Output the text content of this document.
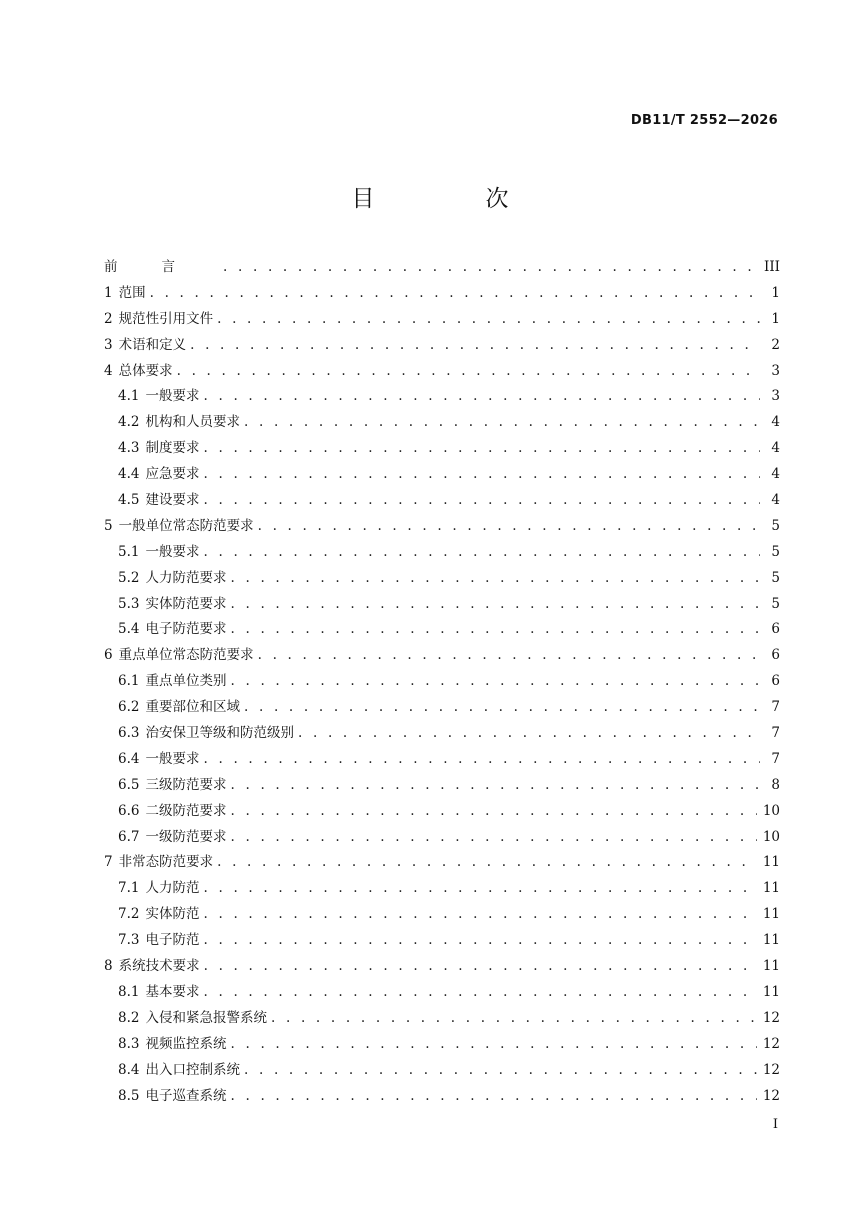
DB11/T 2552—2026
目　次
前言 . . .	III
1 范围 . . .	1
2 规范性引用文件 . . .	1
3 术语和定义 . . .	2
4 总体要求 . . .	3
4.1 一般要求 . . .	3
4.2 机构和人员要求 . . .	4
4.3 制度要求 . . .	4
4.4 应急要求 . . .	4
4.5 建设要求 . . .	4
5 一般单位常态防范要求 . . .	5
5.1 一般要求 . . .	5
5.2 人力防范要求 . . .	5
5.3 实体防范要求 . . .	5
5.4 电子防范要求 . . .	6
6 重点单位常态防范要求 . . .	6
6.1 重点单位类别 . . .	6
6.2 重要部位和区域 . . .	7
6.3 治安保卫等级和防范级别 . . .	7
6.4 一般要求 . . .	7
6.5 三级防范要求 . . .	8
6.6 二级防范要求 . . .	10
6.7 一级防范要求 . . .	10
7 非常态防范要求 . . .	11
7.1 人力防范 . . .	11
7.2 实体防范 . . .	11
7.3 电子防范 . . .	11
8 系统技术要求 . . .	11
8.1 基本要求 . . .	11
8.2 入侵和紧急报警系统 . . .	12
8.3 视频监控系统 . . .	12
8.4 出入口控制系统 . . .	12
8.5 电子巡查系统 . . .	12
I
